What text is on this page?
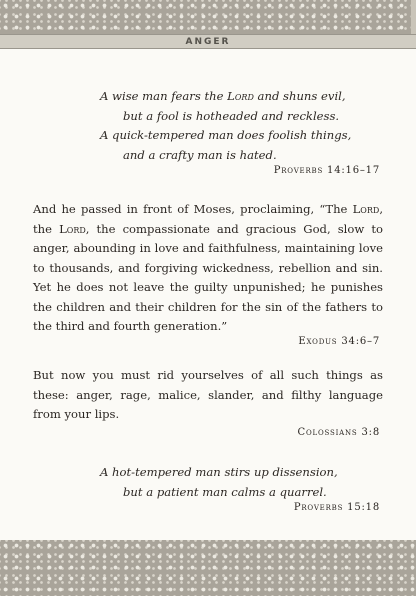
ANGER

A wise man fears the Lord and shuns evil,
but a fool is hotheaded and reckless.
A quick-tempered man does foolish things,
and a crafty man is hated.

Proverbs 14:16–17

And he passed in front of Moses, proclaiming, “The Lord, the Lord, the compassionate and gracious God, slow to anger, abounding in love and faithfulness, maintaining love to thousands, and forgiving wickedness, rebellion and sin. Yet he does not leave the guilty unpunished; he punishes the children and their children for the sin of the fathers to the third and fourth generation.”

Exodus 34:6–7

But now you must rid yourselves of all such things as these: anger, rage, malice, slander, and filthy language from your lips.

Colossians 3:8

A hot-tempered man stirs up dissension,
but a patient man calms a quarrel.

Proverbs 15:18
